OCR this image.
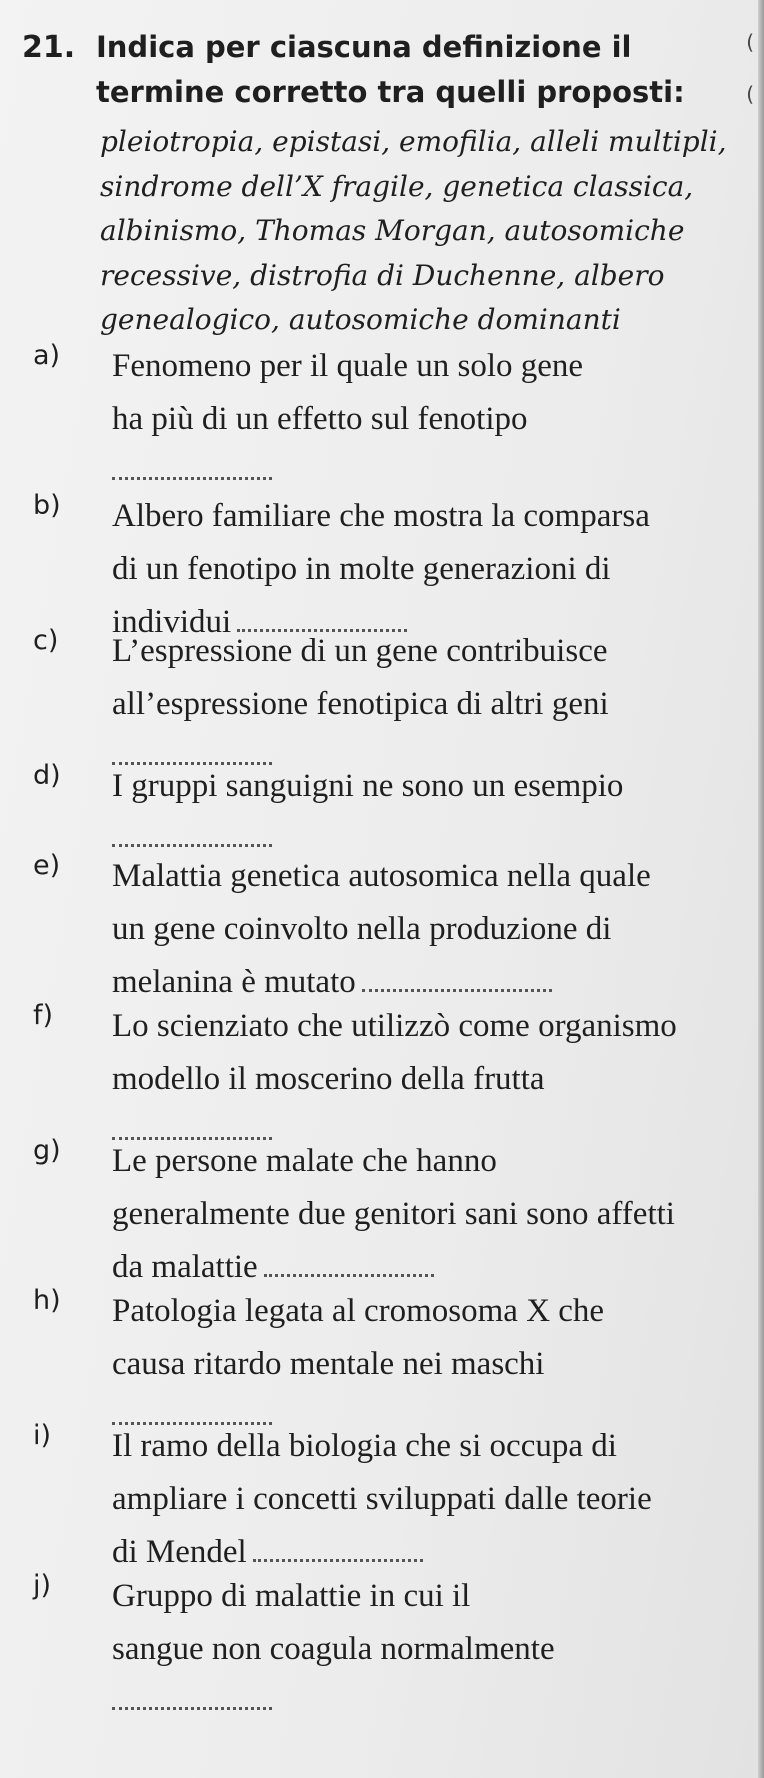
21. Indica per ciascuna definizione il
termine corretto tra quelli proposti:
(
(
pleiotropia, epistasi, emofilia, alleli multipli,
sindrome dell’X fragile, genetica classica,
albinismo, Thomas Morgan, autosomiche
recessive, distrofia di Duchenne, albero
genealogico, autosomiche dominanti
a) Fenomeno per il quale un solo gene
ha più di un effetto sul fenotipo
b) Albero familiare che mostra la comparsa
di un fenotipo in molte generazioni di
individui
c) L’espressione di un gene contribuisce
all’espressione fenotipica di altri geni
d) I gruppi sanguigni ne sono un esempio
e) Malattia genetica autosomica nella quale
un gene coinvolto nella produzione di
melanina è mutato
f) Lo scienziato che utilizzò come organismo
modello il moscerino della frutta
g) Le persone malate che hanno
generalmente due genitori sani sono affetti
da malattie
h) Patologia legata al cromosoma X che
causa ritardo mentale nei maschi
i) Il ramo della biologia che si occupa di
ampliare i concetti sviluppati dalle teorie
di Mendel
j) Gruppo di malattie in cui il
sangue non coagula normalmente
